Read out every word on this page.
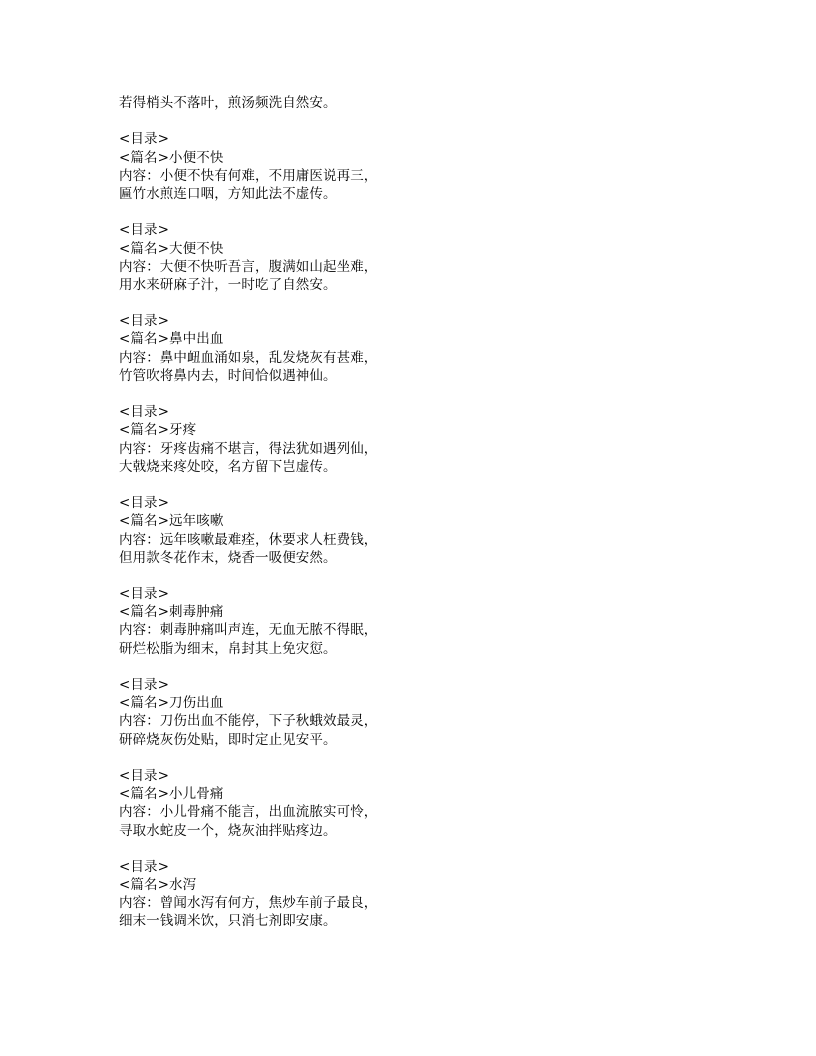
若得梢头不落叶，煎汤频洗自然安。
<目录>
<篇名>小便不快
内容：小便不快有何难，不用庸医说再三，
匾竹水煎连口咽，方知此法不虚传。
<目录>
<篇名>大便不快
内容：大便不快听吾言，腹满如山起坐难，
用水来研麻子汁，一时吃了自然安。
<目录>
<篇名>鼻中出血
内容：鼻中衄血涌如泉，乱发烧灰有甚难，
竹管吹将鼻内去，时间恰似遇神仙。
<目录>
<篇名>牙疼
内容：牙疼齿痛不堪言，得法犹如遇列仙，
大戟烧来疼处咬，名方留下岂虚传。
<目录>
<篇名>远年咳嗽
内容：远年咳嗽最难痊，休要求人枉费钱，
但用款冬花作末，烧香一吸便安然。
<目录>
<篇名>刺毒肿痛
内容：刺毒肿痛叫声连，无血无脓不得眠，
研烂松脂为细末，帛封其上免灾愆。
<目录>
<篇名>刀伤出血
内容：刀伤出血不能停，下子秋蛾效最灵，
研碎烧灰伤处贴，即时定止见安平。
<目录>
<篇名>小儿骨痛
内容：小儿骨痛不能言，出血流脓实可怜，
寻取水蛇皮一个，烧灰油拌贴疼边。
<目录>
<篇名>水泻
内容：曾闻水泻有何方，焦炒车前子最良，
细末一钱调米饮，只消七剂即安康。
